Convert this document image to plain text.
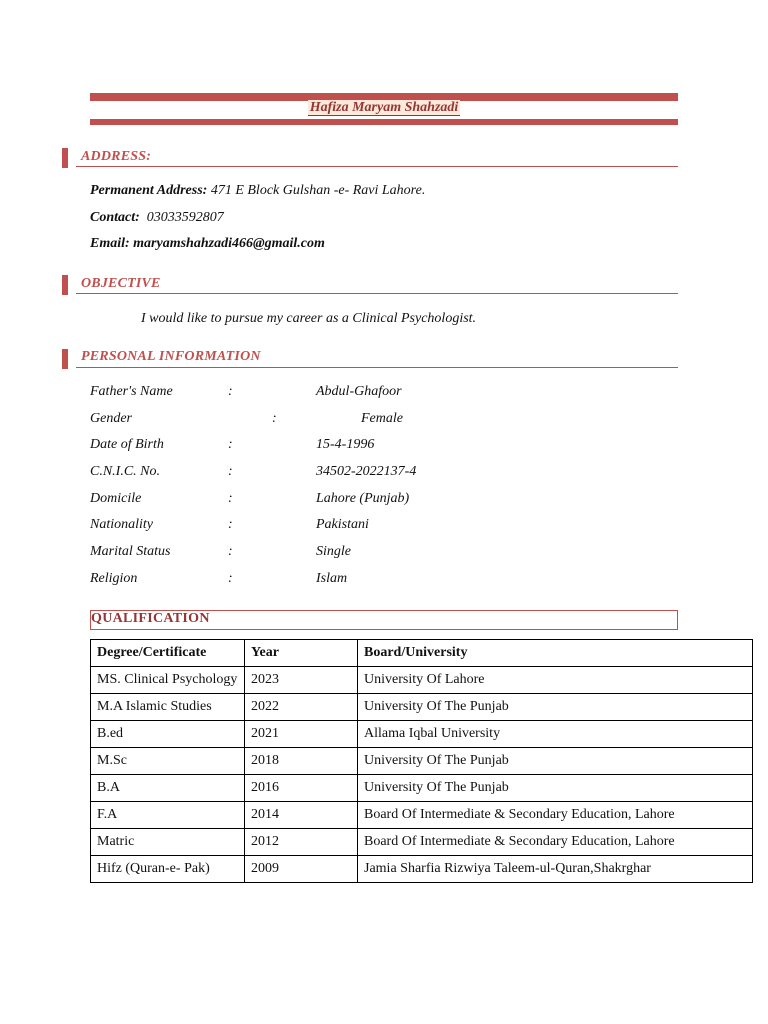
Hafiza Maryam Shahzadi
ADDRESS:
Permanent Address: 471 E Block Gulshan -e- Ravi Lahore.
Contact: 03033592807
Email: maryamshahzadi466@gmail.com
OBJECTIVE
I would like to pursue my career as a Clinical Psychologist.
PERSONAL INFORMATION
Father's Name	:	Abdul-Ghafoor
Gender	:	Female
Date of Birth	:	15-4-1996
C.N.I.C. No.	:	34502-2022137-4
Domicile	:	Lahore (Punjab)
Nationality	:	Pakistani
Marital Status	:	Single
Religion	:	Islam
QUALIFICATION
Degree/Certificate	Year	Board/University
MS. Clinical Psychology	2023	University Of Lahore
M.A Islamic Studies	2022	University Of The Punjab
B.ed	2021	Allama Iqbal University
M.Sc	2018	University Of The Punjab
B.A	2016	University Of The Punjab
F.A	2014	Board Of Intermediate & Secondary Education, Lahore
Matric	2012	Board Of Intermediate & Secondary Education, Lahore
Hifz (Quran-e- Pak)	2009	Jamia Sharfia Rizwiya Taleem-ul-Quran,Shakrghar
